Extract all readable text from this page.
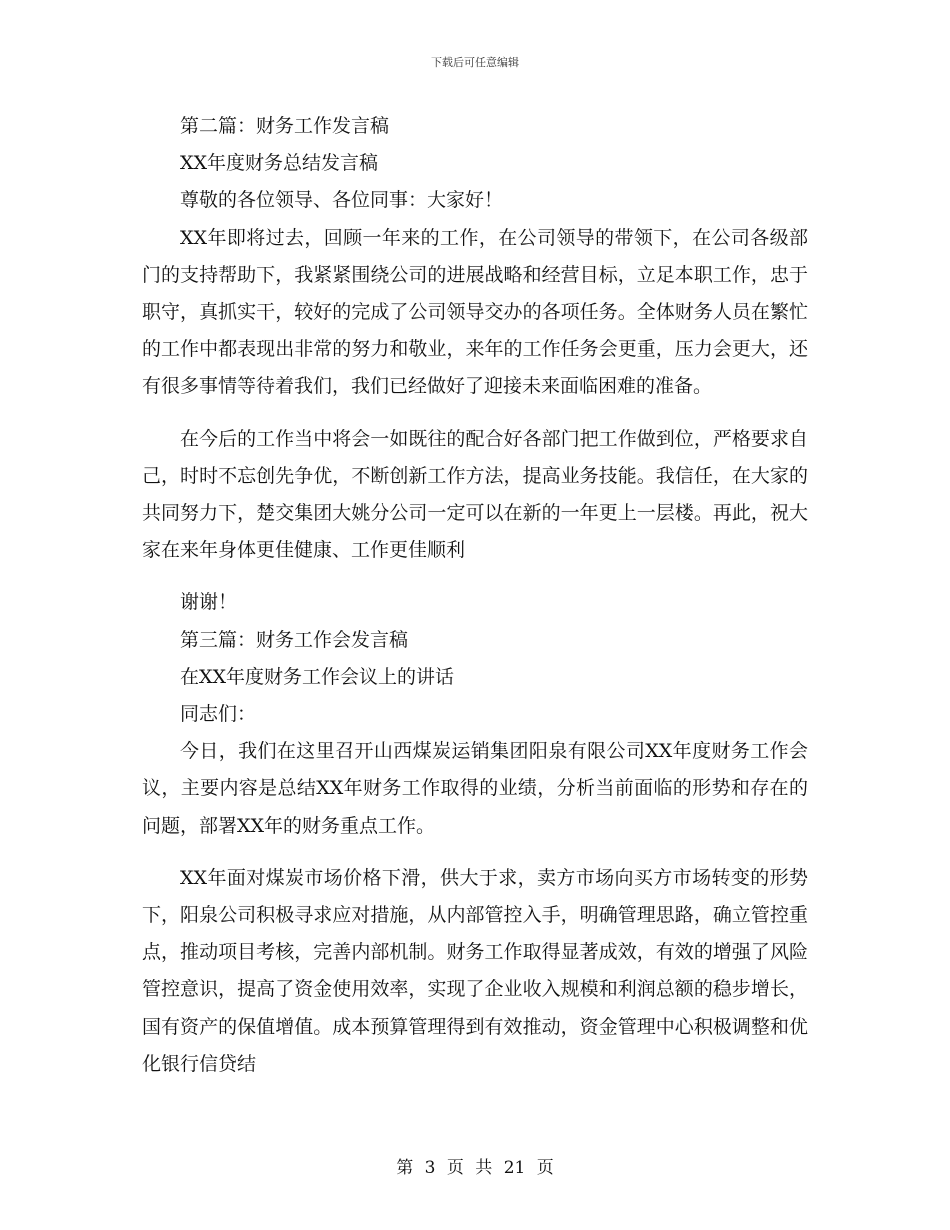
下载后可任意编辑

第二篇：财务工作发言稿

XX年度财务总结发言稿

尊敬的各位领导、各位同事：大家好！

XX年即将过去，回顾一年来的工作，在公司领导的带领下，在公司各级部门的支持帮助下，我紧紧围绕公司的进展战略和经营目标，立足本职工作，忠于职守，真抓实干，较好的完成了公司领导交办的各项任务。全体财务人员在繁忙的工作中都表现出非常的努力和敬业，来年的工作任务会更重，压力会更大，还有很多事情等待着我们，我们已经做好了迎接未来面临困难的准备。

在今后的工作当中将会一如既往的配合好各部门把工作做到位，严格要求自己，时时不忘创先争优，不断创新工作方法，提高业务技能。我信任，在大家的共同努力下，楚交集团大姚分公司一定可以在新的一年更上一层楼。再此，祝大家在来年身体更佳健康、工作更佳顺利

谢谢！

第三篇：财务工作会发言稿

在XX年度财务工作会议上的讲话

同志们：

今日，我们在这里召开山西煤炭运销集团阳泉有限公司XX年度财务工作会议，主要内容是总结XX年财务工作取得的业绩，分析当前面临的形势和存在的问题，部署XX年的财务重点工作。

XX年面对煤炭市场价格下滑，供大于求，卖方市场向买方市场转变的形势下，阳泉公司积极寻求应对措施，从内部管控入手，明确管理思路，确立管控重点，推动项目考核，完善内部机制。财务工作取得显著成效，有效的增强了风险管控意识，提高了资金使用效率，实现了企业收入规模和利润总额的稳步增长，国有资产的保值增值。成本预算管理得到有效推动，资金管理中心积极调整和优化银行信贷结

第 3 页 共 21 页
